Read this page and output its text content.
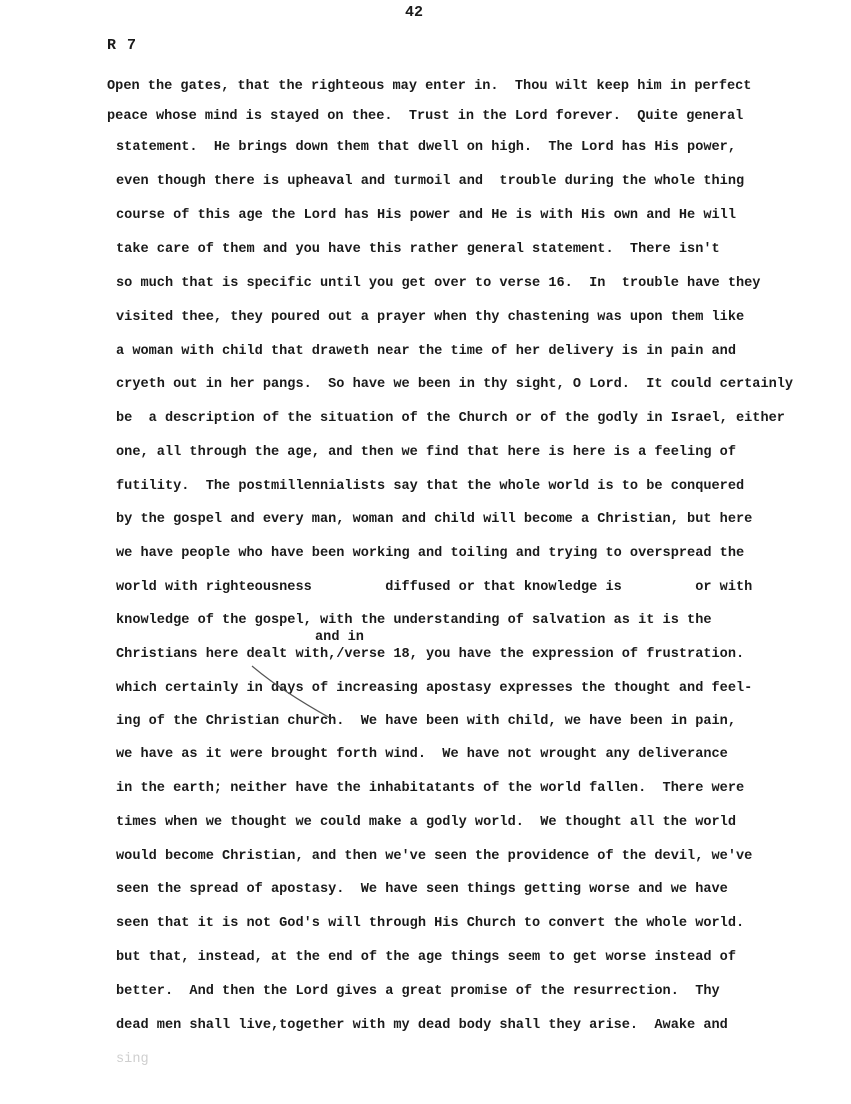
42
R 7
Open the gates, that the righteous may enter in.  Thou wilt keep him in perfect
peace whose mind is stayed on thee.  Trust in the Lord forever.  Quite general
statement.  He brings down them that dwell on high.  The Lord has His power,
even though there is upheaval and turmoil and  trouble during the whole thing
course of this age the Lord has His power and He is with His own and He will
take care of them and you have this rather general statement.  There isn't
so much that is specific until you get over to verse 16.  In  trouble have they
visited thee, they poured out a prayer when thy chastening was upon them like
a woman with child that draweth near the time of her delivery is in pain and
cryeth out in her pangs.  So have we been in thy sight, O Lord.  It could certainly
be  a description of the situation of the Church or of the godly in Israel, either
one, all through the age, and then we find that here is here is a feeling of
futility.  The postmillennialists say that the whole world is to be conquered
by the gospel and every man, woman and child will become a Christian, but here
we have people who have been working and toiling and trying to overspread the
world with righteousness         diffused or that knowledge is         or with
knowledge of the gospel, with the understanding of salvation as it is the
and in
Christians here dealt with,/verse 18, you have the expression of frustration.
which certainly in days of increasing apostasy expresses the thought and feel-
ing of the Christian church.  We have been with child, we have been in pain,
we have as it were brought forth wind.  We have not wrought any deliverance
in the earth; neither have the inhabitatants of the world fallen.  There were
times when we thought we could make a godly world.  We thought all the world
would become Christian, and then we've seen the providence of the devil, we've
seen the spread of apostasy.  We have seen things getting worse and we have
seen that it is not God's will through His Church to convert the whole world.
but that, instead, at the end of the age things seem to get worse instead of
better.  And then the Lord gives a great promise of the resurrection.  Thy
dead men shall live,together with my dead body shall they arise.  Awake and
sing
